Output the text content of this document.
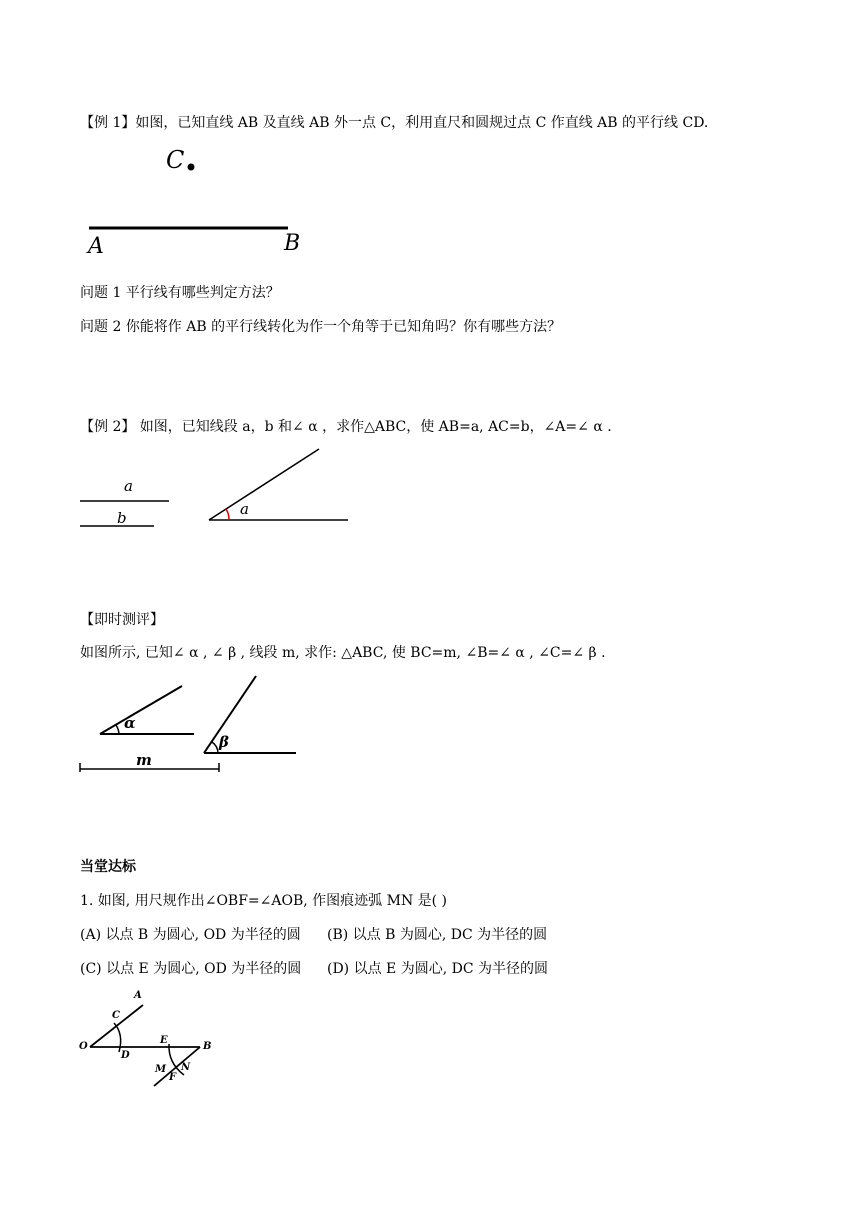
【例 1】如图，已知直线 AB 及直线 AB 外一点 C，利用直尺和圆规过点 C 作直线 AB 的平行线 CD.
C
A	B
问题 1 平行线有哪些判定方法？
问题 2 你能将作 AB 的平行线转化为作一个角等于已知角吗？你有哪些方法？
【例 2】 如图，已知线段 a，b 和∠ α ，求作△ABC，使 AB=a, AC=b，∠A=∠ α .
a
b	a
【即时测评】
如图所示, 已知∠ α , ∠ β , 线段 m, 求作: △ABC, 使 BC=m, ∠B=∠ α , ∠C=∠ β .
α
β
m
当堂达标
1. 如图, 用尺规作出∠OBF=∠AOB, 作图痕迹弧 MN 是( )
(A) 以点 B 为圆心, OD 为半径的圆 (B) 以点 B 为圆心, DC 为半径的圆
(C) 以点 E 为圆心, OD 为半径的圆 (D) 以点 E 为圆心, DC 为半径的圆
A
C
O
D
E
B
M
F
N
